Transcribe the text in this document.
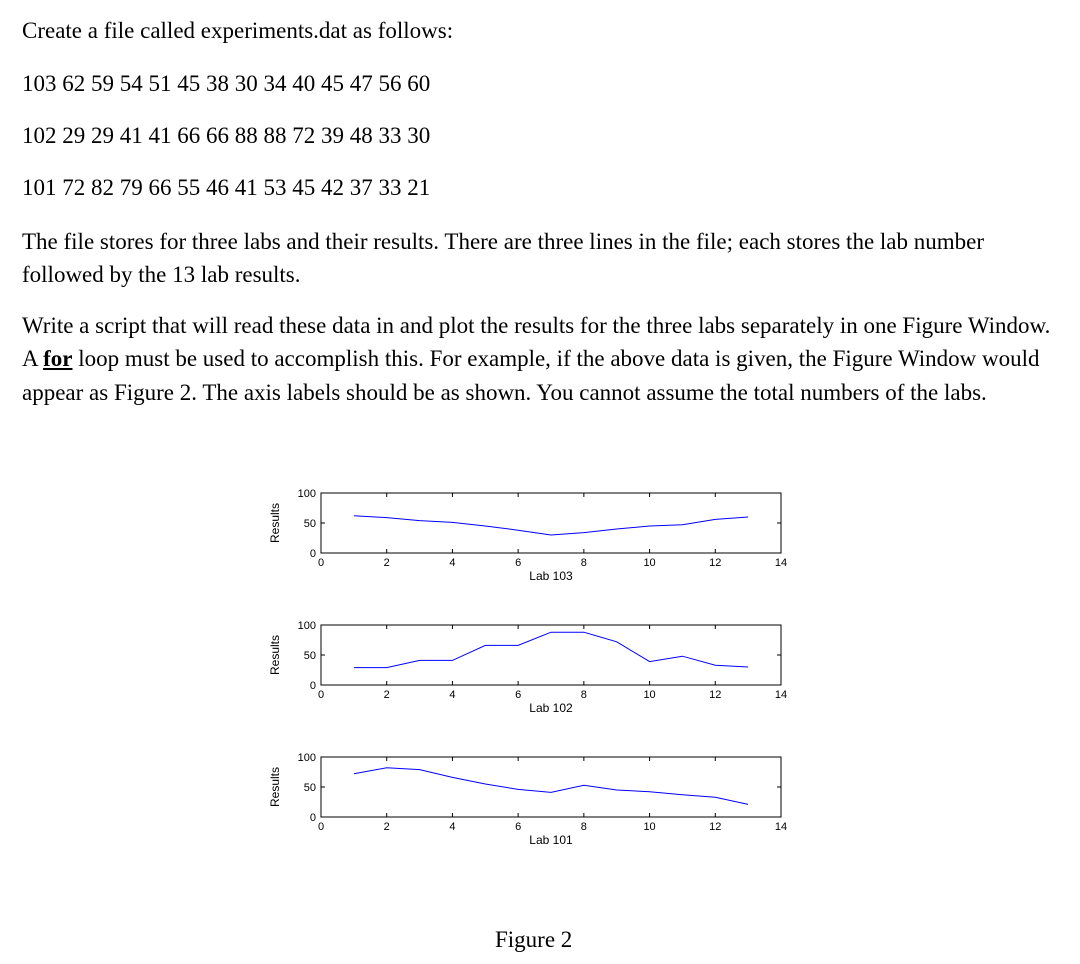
Create a file called experiments.dat as follows:

103 62 59 54 51 45 38 30 34 40 45 47 56 60

102 29 29 41 41 66 66 88 88 72 39 48 33 30

101 72 82 79 66 55 46 41 53 45 42 37 33 21

The file stores for three labs and their results. There are three lines in the file; each stores the lab number followed by the 13 lab results.

Write a script that will read these data in and plot the results for the three labs separately in one Figure Window. A for loop must be used to accomplish this. For example, if the above data is given, the Figure Window would appear as Figure 2. The axis labels should be as shown. You cannot assume the total numbers of the labs.

0	2	4	6	8	10	12	14
0
50
100
Lab 103
Results
0	2	4	6	8	10	12	14
0
50
100
Lab 102
Results
0	2	4	6	8	10	12	14
0
50
100
Lab 101
Results
Figure 2
